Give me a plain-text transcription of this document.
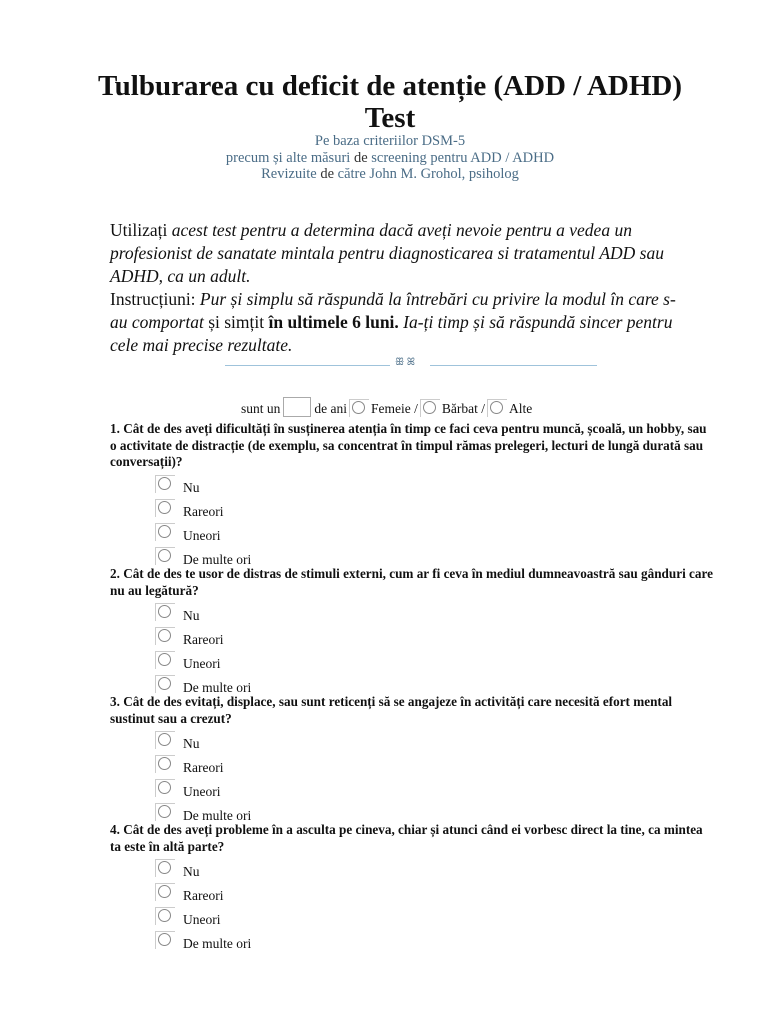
Tulburarea cu deficit de atenție (ADD / ADHD)
Test
Pe baza criteriilor DSM-5
precum și alte măsuri de screening pentru ADD / ADHD
Revizuite de către John M. Grohol, psiholog
Utilizați acest test pentru a determina dacă aveți nevoie pentru a vedea un profesionist de sanatate mintala pentru diagnosticarea si tratamentul ADD sau ADHD, ca un adult.
Instrucțiuni: Pur și simplu să răspundă la întrebări cu privire la modul în care s- au comportat și simțit în ultimele 6 luni. Ia-ți timp și să răspundă sincer pentru cele mai precise rezultate.
ꕥ ꕤ
sunt un	de ani Femeie / Bărbat / Alte
1. Cât de des aveți dificultăți în susținerea atenția în timp ce faci ceva pentru muncă, școală, un hobby, sau o activitate de distracție (de exemplu, sa concentrat în timpul rămas prelegeri, lecturi de lungă durată sau conversații)?
Nu
Rareori
Uneori
De multe ori
2. Cât de des te usor de distras de stimuli externi, cum ar fi ceva în mediul dumneavoastră sau gânduri care nu au legătură?
Nu
Rareori
Uneori
De multe ori
3. Cât de des evitați, displace, sau sunt reticenți să se angajeze în activități care necesită efort mental sustinut sau a crezut?
Nu
Rareori
Uneori
De multe ori
4. Cât de des aveți probleme în a asculta pe cineva, chiar și atunci când ei vorbesc direct la tine, ca mintea ta este în altă parte?
Nu
Rareori
Uneori
De multe ori
